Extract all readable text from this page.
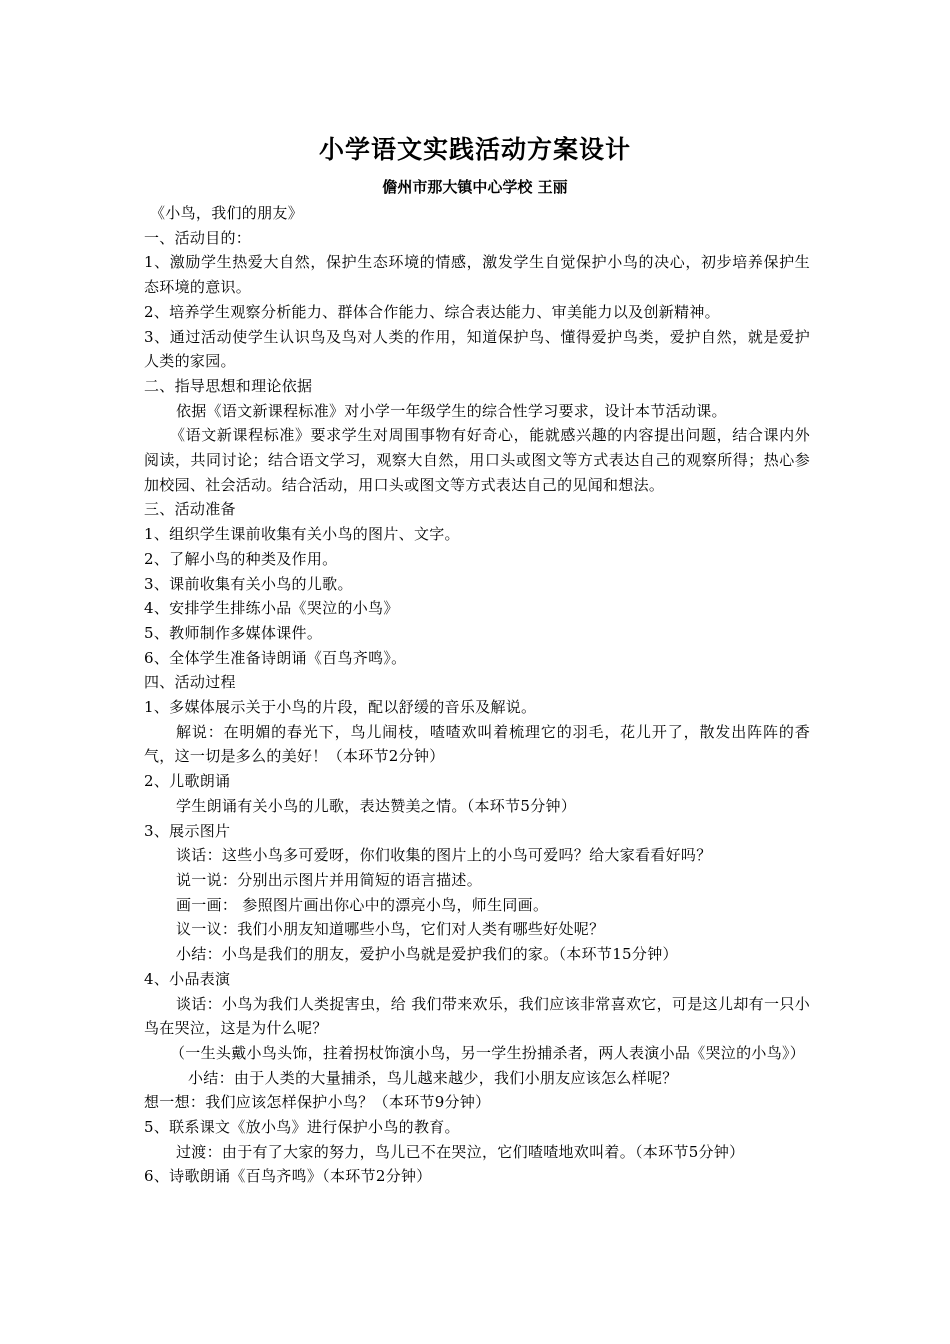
小学语文实践活动方案设计

儋州市那大镇中心学校 王丽

《小鸟，我们的朋友》

一、活动目的：

1、激励学生热爱大自然，保护生态环境的情感，激发学生自觉保护小鸟的决心，初步培养保护生态环境的意识。

2、培养学生观察分析能力、群体合作能力、综合表达能力、审美能力以及创新精神。

3、通过活动使学生认识鸟及鸟对人类的作用，知道保护鸟、懂得爱护鸟类，爱护自然，就是爱护人类的家园。

二、指导思想和理论依据

依据《语文新课程标准》对小学一年级学生的综合性学习要求，设计本节活动课。

《语文新课程标准》要求学生对周围事物有好奇心，能就感兴趣的内容提出问题，结合课内外阅读，共同讨论；结合语文学习，观察大自然，用口头或图文等方式表达自己的观察所得；热心参加校园、社会活动。结合活动，用口头或图文等方式表达自己的见闻和想法。

三、活动准备

1、组织学生课前收集有关小鸟的图片、文字。

2、了解小鸟的种类及作用。

3、课前收集有关小鸟的儿歌。

4、安排学生排练小品《哭泣的小鸟》

5、教师制作多媒体课件。

6、全体学生准备诗朗诵《百鸟齐鸣》。

四、活动过程

1、多媒体展示关于小鸟的片段，配以舒缓的音乐及解说。

解说：在明媚的春光下，鸟儿闹枝，喳喳欢叫着梳理它的羽毛，花儿开了，散发出阵阵的香气，这一切是多么的美好！（本环节2分钟）

2、儿歌朗诵

学生朗诵有关小鸟的儿歌，表达赞美之情。（本环节5分钟）

3、展示图片

谈话：这些小鸟多可爱呀，你们收集的图片上的小鸟可爱吗？给大家看看好吗？

说一说：分别出示图片并用简短的语言描述。

画一画： 参照图片画出你心中的漂亮小鸟，师生同画。

议一议：我们小朋友知道哪些小鸟，它们对人类有哪些好处呢？

小结：小鸟是我们的朋友，爱护小鸟就是爱护我们的家。（本环节15分钟）

4、小品表演

谈话：小鸟为我们人类捉害虫，给 我们带来欢乐，我们应该非常喜欢它，可是这儿却有一只小鸟在哭泣，这是为什么呢？

（一生头戴小鸟头饰，拄着拐杖饰演小鸟，另一学生扮捕杀者，两人表演小品《哭泣的小鸟》）

小结：由于人类的大量捕杀，鸟儿越来越少，我们小朋友应该怎么样呢？

想一想：我们应该怎样保护小鸟？（本环节9分钟）

5、联系课文《放小鸟》进行保护小鸟的教育。

过渡：由于有了大家的努力，鸟儿已不在哭泣，它们喳喳地欢叫着。（本环节5分钟）

6、诗歌朗诵《百鸟齐鸣》（本环节2分钟）
